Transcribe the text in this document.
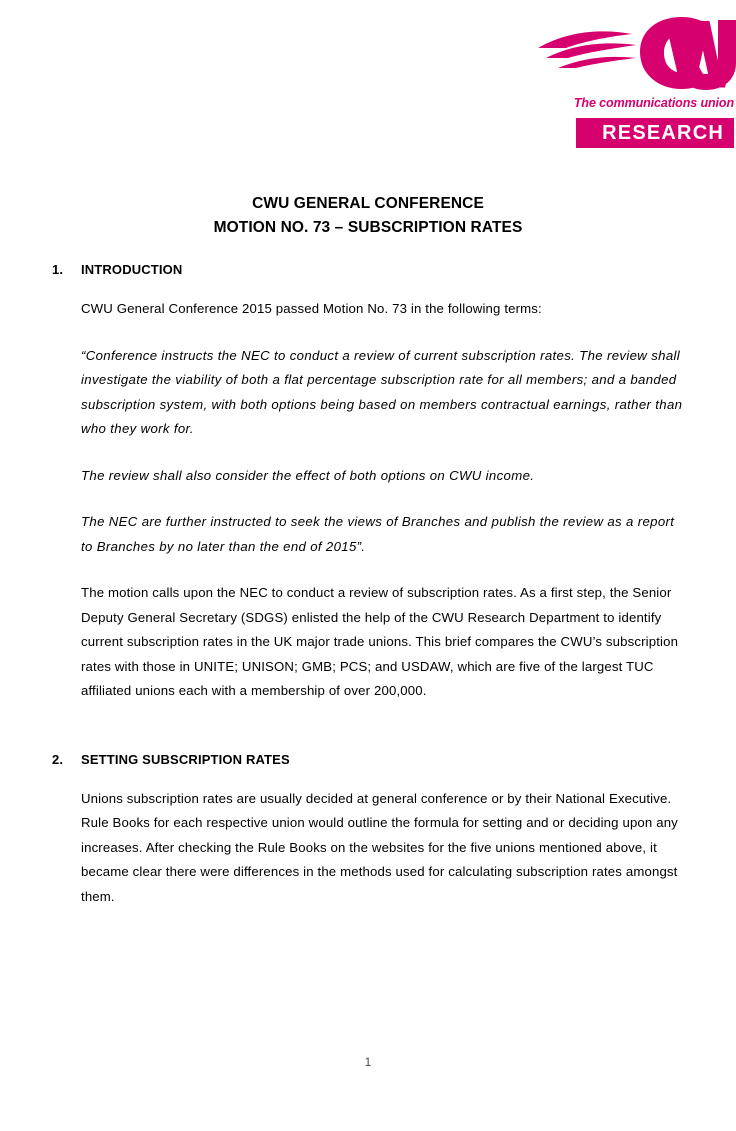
The communications union
RESEARCH
CWU GENERAL CONFERENCE
MOTION NO. 73 – SUBSCRIPTION RATES
1.	INTRODUCTION

CWU General Conference 2015 passed Motion No. 73 in the following terms:

“Conference instructs the NEC to conduct a review of current subscription rates. The review shall investigate the viability of both a flat percentage subscription rate for all members; and a banded subscription system, with both options being based on members contractual earnings, rather than who they work for.

The review shall also consider the effect of both options on CWU income.

The NEC are further instructed to seek the views of Branches and publish the review as a report to Branches by no later than the end of 2015”.

The motion calls upon the NEC to conduct a review of subscription rates. As a first step, the Senior Deputy General Secretary (SDGS) enlisted the help of the CWU Research Department to identify current subscription rates in the UK major trade unions. This brief compares the CWU’s subscription rates with those in UNITE; UNISON; GMB; PCS; and USDAW, which are five of the largest TUC affiliated unions each with a membership of over 200,000.

2.	SETTING SUBSCRIPTION RATES

Unions subscription rates are usually decided at general conference or by their National Executive. Rule Books for each respective union would outline the formula for setting and or deciding upon any increases. After checking the Rule Books on the websites for the five unions mentioned above, it became clear there were differences in the methods used for calculating subscription rates amongst them.

1
